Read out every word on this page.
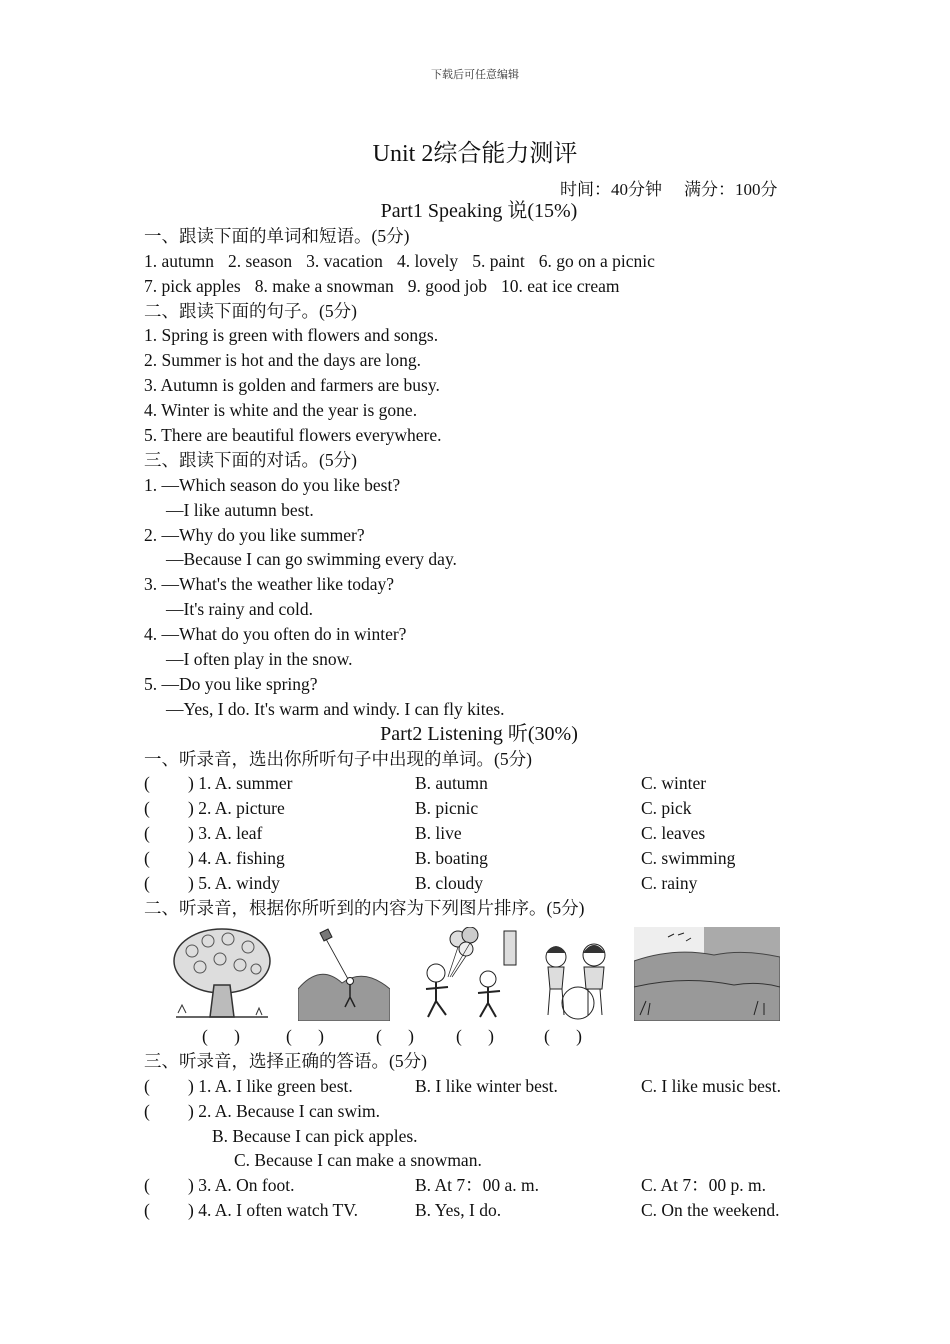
下载后可任意编辑
Unit 2综合能力测评
时间：40分钟 满分：100分
Part1 Speaking 说(15%)
一、跟读下面的单词和短语。(5分)
1. autumn 2. season 3. vacation 4. lovely 5. paint 6. go on a picnic
7. pick apples 8. make a snowman 9. good job 10. eat ice cream
二、跟读下面的句子。(5分)
1. Spring is green with flowers and songs.
2. Summer is hot and the days are long.
3. Autumn is golden and farmers are busy.
4. Winter is white and the year is gone.
5. There are beautiful flowers everywhere.
三、跟读下面的对话。(5分)
1. —Which season do you like best?
—I like autumn best.
2. —Why do you like summer?
—Because I can go swimming every day.
3. —What's the weather like today?
—It's rainy and cold.
4. —What do you often do in winter?
—I often play in the snow.
5. —Do you like spring?
—Yes, I do. It's warm and windy. I can fly kites.
Part2 Listening 听(30%)
一、听录音，选出你所听句子中出现的单词。(5分)
( ) 1. A. summer	B. autumn	C. winter
( ) 2. A. picture	B. picnic	C. pick
( ) 3. A. leaf	B. live	C. leaves
( ) 4. A. fishing	B. boating	C. swimming
( ) 5. A. windy	B. cloudy	C. rainy
二、听录音，根据你所听到的内容为下列图片排序。(5分)
(      )	(      )	(      ) (      )	(      )
三、听录音，选择正确的答语。(5分)
( ) 1. A. I like green best.	B. I like winter best.	C. I like music best.
( ) 2. A. Because I can swim.
B. Because I can pick apples.
C. Because I can make a snowman.
( ) 3. A. On foot.	B. At 7：00 a. m.	C. At 7：00 p. m.
( ) 4. A. I often watch TV.	B. Yes, I do.	C. On the weekend.
